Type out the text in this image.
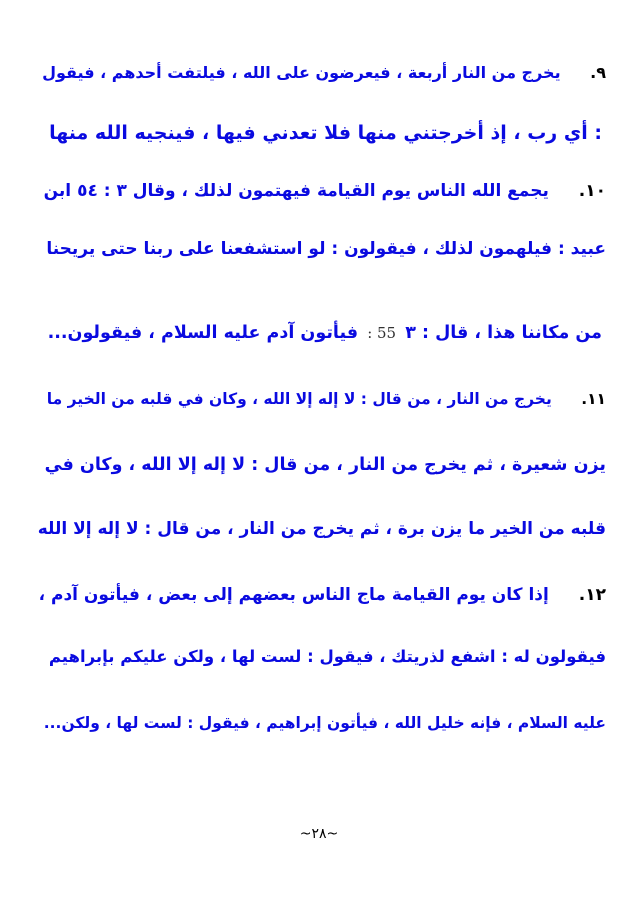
٩. يخرج من النار أربعة ، فيعرضون على الله ، فيلتفت أحدهم ، فيقول
: أي رب ، إذ أخرجتني منها فلا تعدني فيها ، فينجيه الله منها
١٠. يجمع الله الناس يوم القيامة فيهتمون لذلك ، وقال ٣ : ٥٤ ابن
عبيد : فيلهمون لذلك ، فيقولون : لو استشفعنا على ربنا حتى يريحنا
من مكاننا هذا ، قال : ٣ 55 : فيأتون آدم عليه السلام ، فيقولون...
١١. يخرج من النار ، من قال : لا إله إلا الله ، وكان في قلبه من الخير ما
يزن شعيرة ، ثم يخرج من النار ، من قال : لا إله إلا الله ، وكان في
قلبه من الخير ما يزن برة ، ثم يخرج من النار ، من قال : لا إله إلا الله
١٢. إذا كان يوم القيامة ماج الناس بعضهم إلى بعض ، فيأتون آدم ،
فيقولون له : اشفع لذريتك ، فيقول : لست لها ، ولكن عليكم بإبراهيم
عليه السلام ، فإنه خليل الله ، فيأتون إبراهيم ، فيقول : لست لها ، ولكن...
~٢٨~
